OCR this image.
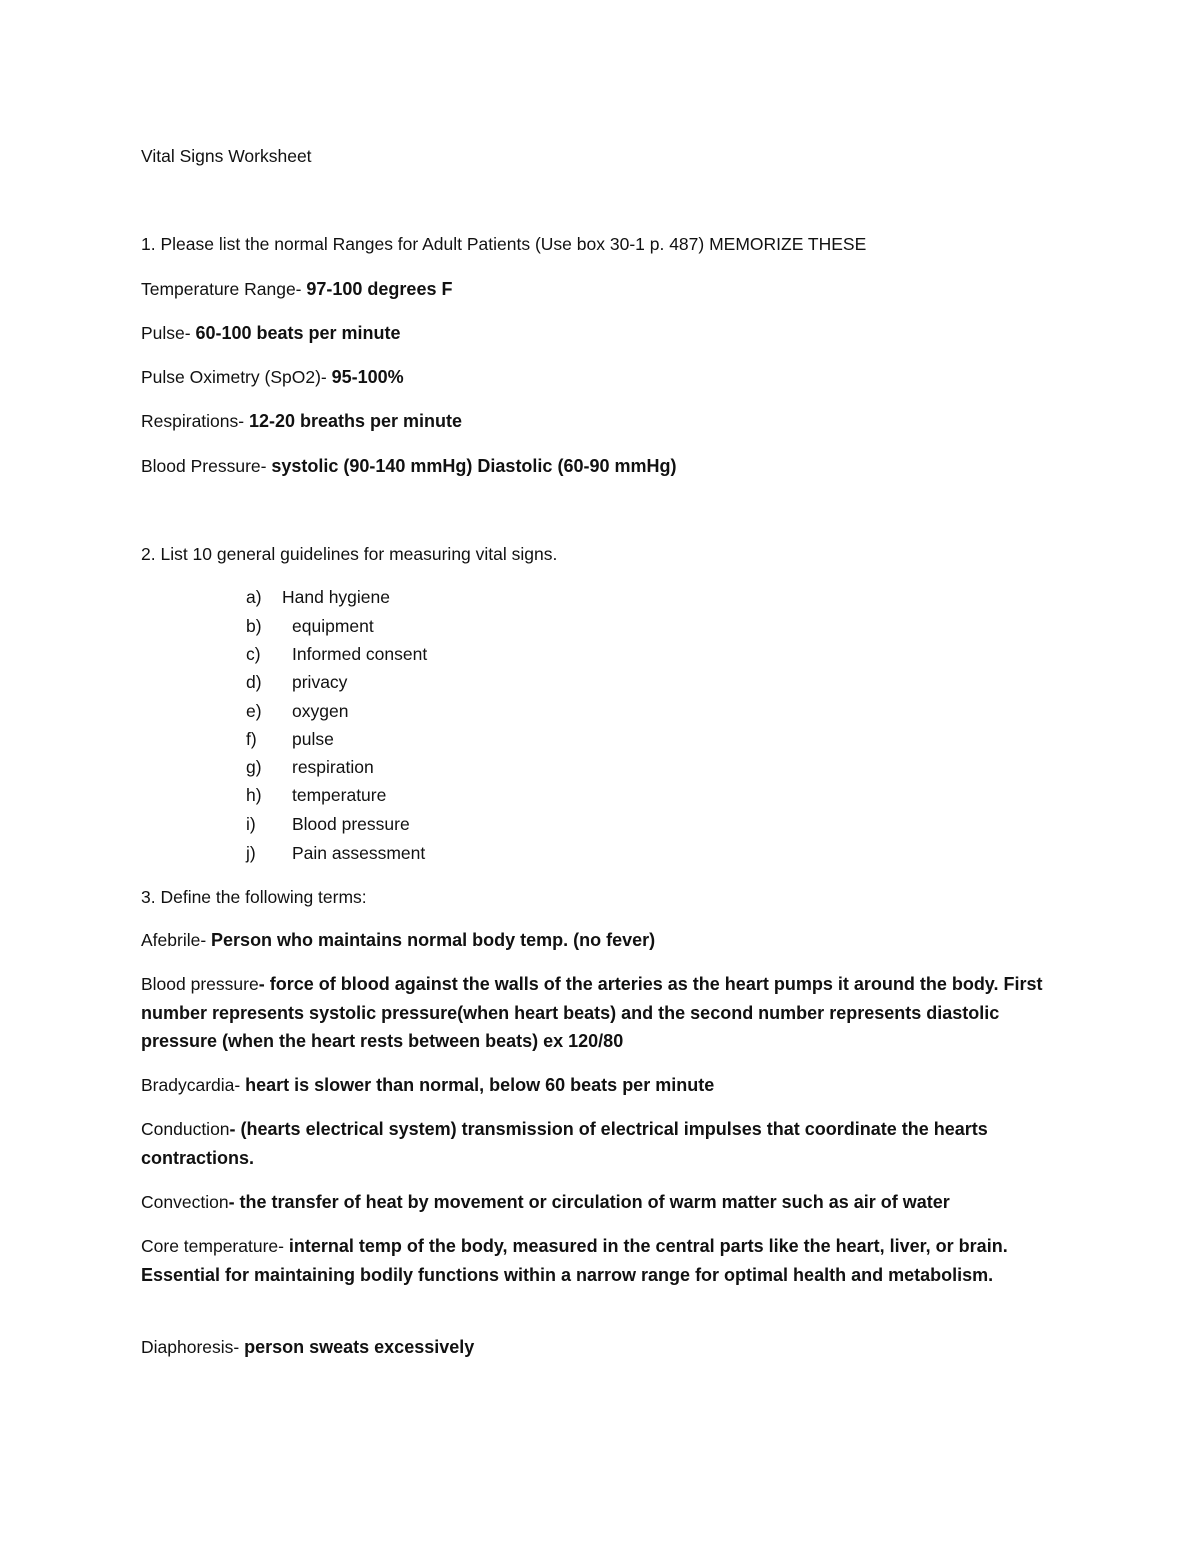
Vital Signs Worksheet
1. Please list the normal Ranges for Adult Patients (Use box 30-1 p. 487) MEMORIZE THESE
Temperature Range- 97-100 degrees F
Pulse- 60-100 beats per minute
Pulse Oximetry (SpO2)- 95-100%
Respirations- 12-20 breaths per minute
Blood Pressure- systolic (90-140 mmHg) Diastolic (60-90 mmHg)
2. List 10 general guidelines for measuring vital signs.
a) Hand hygiene
b) equipment
c) Informed consent
d) privacy
e) oxygen
f) pulse
g) respiration
h) temperature
i) Blood pressure
j) Pain assessment
3. Define the following terms:
Afebrile- Person who maintains normal body temp. (no fever)
Blood pressure- force of blood against the walls of the arteries as the heart pumps it around the body. First number represents systolic pressure(when heart beats) and the second number represents diastolic pressure (when the heart rests between beats) ex 120/80
Bradycardia- heart is slower than normal, below 60 beats per minute
Conduction- (hearts electrical system) transmission of electrical impulses that coordinate the hearts contractions.
Convection- the transfer of heat by movement or circulation of warm matter such as air of water
Core temperature- internal temp of the body, measured in the central parts like the heart, liver, or brain. Essential for maintaining bodily functions within a narrow range for optimal health and metabolism.
Diaphoresis- person sweats excessively
